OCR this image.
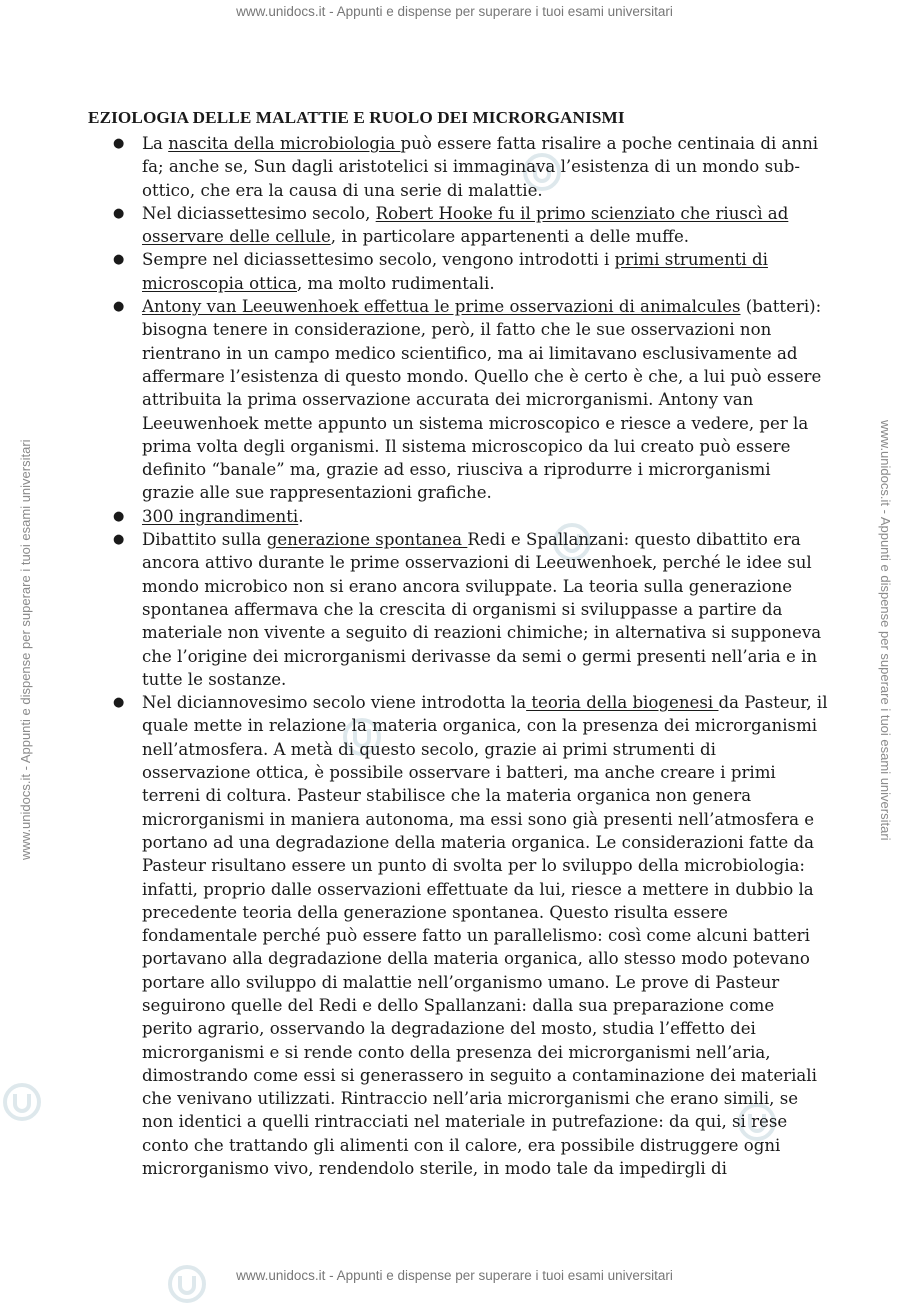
www.unidocs.it - Appunti e dispense per superare i tuoi esami universitari
www.unidocs.it - Appunti e dispense per superare i tuoi esami universitari
www.unidocs.it - Appunti e dispense per superare i tuoi esami universitari	www.unidocs.it - Appunti e dispense per superare i tuoi esami universitari
EZIOLOGIA DELLE MALATTIE E RUOLO DEI MICRORGANISMI
● La nascita della microbiologia può essere fatta risalire a poche centinaia di anni fa; anche se, Sun dagli aristotelici si immaginava l’esistenza di un mondo sub-ottico, che era la causa di una serie di malattie.
● Nel diciassettesimo secolo, Robert Hooke fu il primo scienziato che riuscì ad osservare delle cellule, in particolare appartenenti a delle muffe.
● Sempre nel diciassettesimo secolo, vengono introdotti i primi strumenti di microscopia ottica, ma molto rudimentali.
● Antony van Leeuwenhoek effettua le prime osservazioni di animalcules (batteri): bisogna tenere in considerazione, però, il fatto che le sue osservazioni non rientrano in un campo medico scientifico, ma ai limitavano esclusivamente ad affermare l’esistenza di questo mondo. Quello che è certo è che, a lui può essere attribuita la prima osservazione accurata dei microrganismi. Antony van Leeuwenhoek mette appunto un sistema microscopico e riesce a vedere, per la prima volta degli organismi. Il sistema microscopico da lui creato può essere definito “banale” ma, grazie ad esso, riusciva a riprodurre i microrganismi grazie alle sue rappresentazioni grafiche.
● 300 ingrandimenti.
● Dibattito sulla generazione spontanea Redi e Spallanzani: questo dibattito era ancora attivo durante le prime osservazioni di Leeuwenhoek, perché le idee sul mondo microbico non si erano ancora sviluppate. La teoria sulla generazione spontanea affermava che la crescita di organismi si sviluppasse a partire da materiale non vivente a seguito di reazioni chimiche; in alternativa si supponeva che l’origine dei microrganismi derivasse da semi o germi presenti nell’aria e in tutte le sostanze.
● Nel diciannovesimo secolo viene introdotta la teoria della biogenesi da Pasteur, il quale mette in relazione la materia organica, con la presenza dei microrganismi nell’atmosfera. A metà di questo secolo, grazie ai primi strumenti di osservazione ottica, è possibile osservare i batteri, ma anche creare i primi terreni di coltura. Pasteur stabilisce che la materia organica non genera microrganismi in maniera autonoma, ma essi sono già presenti nell’atmosfera e portano ad una degradazione della materia organica. Le considerazioni fatte da Pasteur risultano essere un punto di svolta per lo sviluppo della microbiologia: infatti, proprio dalle osservazioni effettuate da lui, riesce a mettere in dubbio la precedente teoria della generazione spontanea. Questo risulta essere fondamentale perché può essere fatto un parallelismo: così come alcuni batteri portavano alla degradazione della materia organica, allo stesso modo potevano portare allo sviluppo di malattie nell’organismo umano. Le prove di Pasteur seguirono quelle del Redi e dello Spallanzani: dalla sua preparazione come perito agrario, osservando la degradazione del mosto, studia l’effetto dei microrganismi e si rende conto della presenza dei microrganismi nell’aria, dimostrando come essi si generassero in seguito a contaminazione dei materiali che venivano utilizzati. Rintraccio nell’aria microrganismi che erano simili, se non identici a quelli rintracciati nel materiale in putrefazione: da qui, si rese conto che trattando gli alimenti con il calore, era possibile distruggere ogni microrganismo vivo, rendendolo sterile, in modo tale da impedirgli di
